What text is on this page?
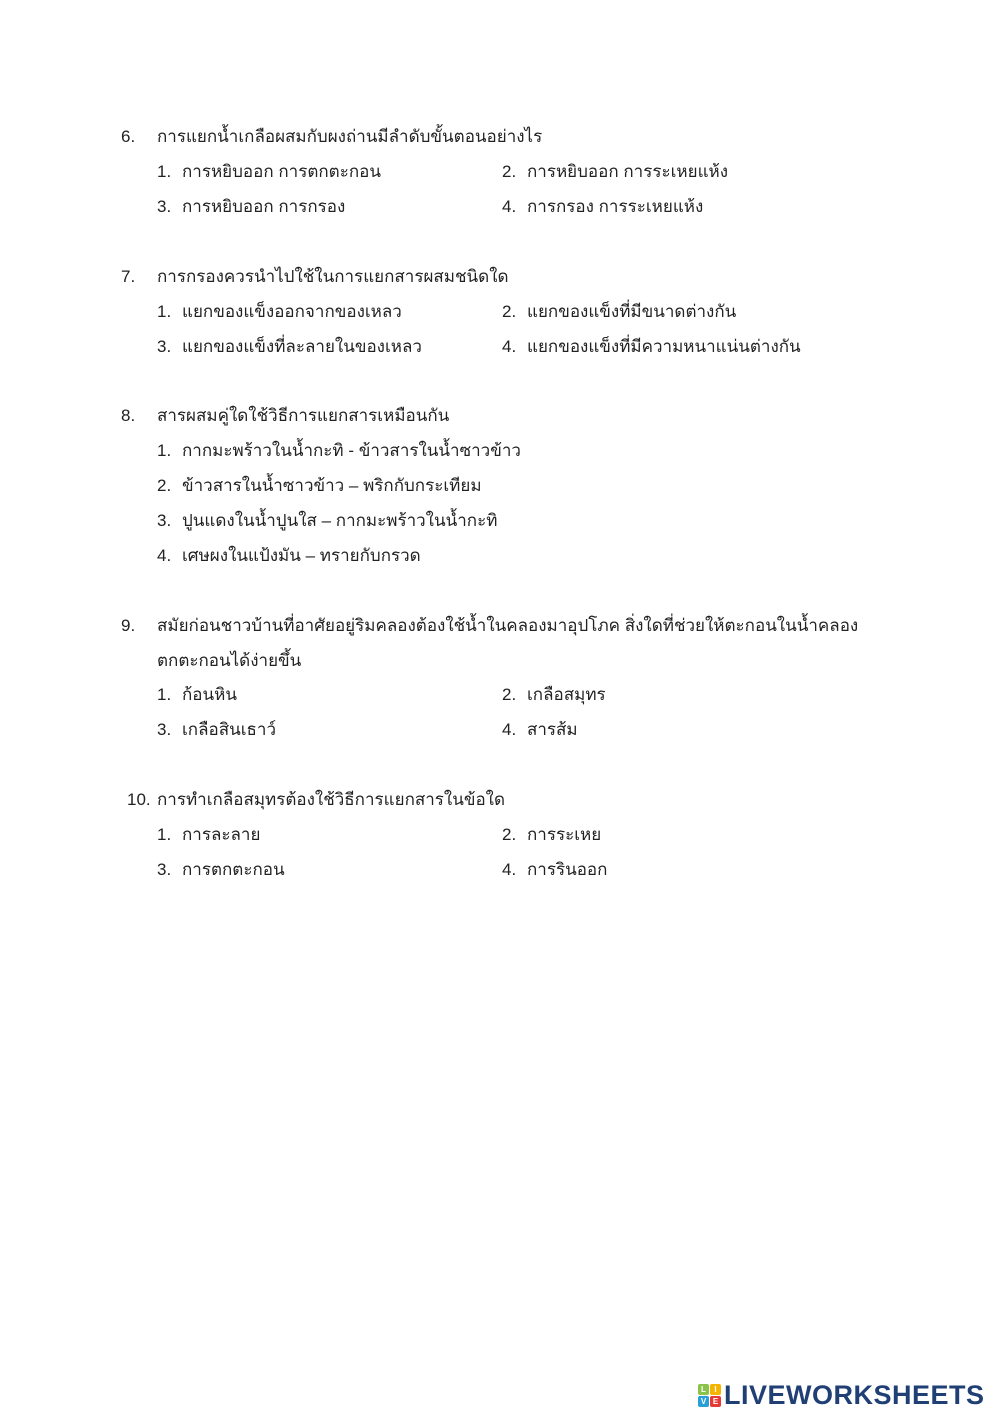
6. การแยกน้ำเกลือผสมกับผงถ่านมีลำดับขั้นตอนอย่างไร
1. การหยิบออก การตกตะกอน	2. การหยิบออก การระเหยแห้ง
3. การหยิบออก การกรอง	4. การกรอง การระเหยแห้ง
7. การกรองควรนำไปใช้ในการแยกสารผสมชนิดใด
1. แยกของแข็งออกจากของเหลว	2. แยกของแข็งที่มีขนาดต่างกัน
3. แยกของแข็งที่ละลายในของเหลว	4. แยกของแข็งที่มีความหนาแน่นต่างกัน
8. สารผสมคู่ใดใช้วิธีการแยกสารเหมือนกัน
1. กากมะพร้าวในน้ำกะทิ - ข้าวสารในน้ำซาวข้าว
2. ข้าวสารในน้ำซาวข้าว – พริกกับกระเทียม
3. ปูนแดงในน้ำปูนใส – กากมะพร้าวในน้ำกะทิ
4. เศษผงในแป้งมัน – ทรายกับกรวด
9. สมัยก่อนชาวบ้านที่อาศัยอยู่ริมคลองต้องใช้น้ำในคลองมาอุปโภค สิ่งใดที่ช่วยให้ตะกอนในน้ำคลอง
ตกตะกอนได้ง่ายขึ้น
1. ก้อนหิน	2. เกลือสมุทร
3. เกลือสินเธาว์	4. สารส้ม
10. การทำเกลือสมุทรต้องใช้วิธีการแยกสารในข้อใด
1. การละลาย	2. การระเหย
3. การตกตะกอน	4. การรินออก
L	I
V E LIVEWORKSHEETS
